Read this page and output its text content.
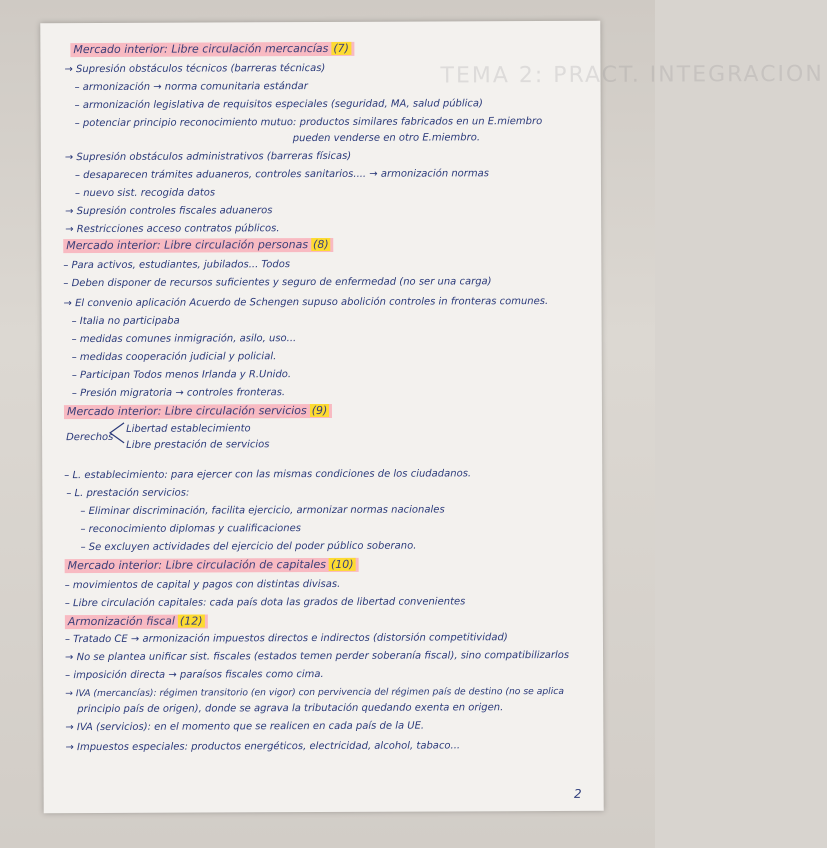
TEMA 2: PRACT. INTEGRACION
Mercado interior: Libre circulación mercancías (7)
→ Supresión obstáculos técnicos (barreras técnicas)
– armonización → norma comunitaria estándar
– armonización legislativa de requisitos especiales (seguridad, MA, salud pública)
– potenciar principio reconocimiento mutuo: productos similares fabricados en un E.miembro
pueden venderse en otro E.miembro.
→ Supresión obstáculos administrativos (barreras físicas)
– desaparecen trámites aduaneros, controles sanitarios.... → armonización normas
– nuevo sist. recogida datos
→ Supresión controles fiscales aduaneros
→ Restricciones acceso contratos públicos.
Mercado interior: Libre circulación personas (8)
– Para activos, estudiantes, jubilados... Todos
– Deben disponer de recursos suficientes y seguro de enfermedad (no ser una carga)
→ El convenio aplicación Acuerdo de Schengen supuso abolición controles in fronteras comunes.
– Italia no participaba
– medidas comunes inmigración, asilo, uso...
– medidas cooperación judicial y policial.
– Participan Todos menos Irlanda y R.Unido.
– Presión migratoria → controles fronteras.
Mercado interior: Libre circulación servicios (9)
Libertad establecimiento
Derechos
Libre prestación de servicios
– L. establecimiento: para ejercer con las mismas condiciones de los ciudadanos.
– L. prestación servicios:
– Eliminar discriminación, facilita ejercicio, armonizar normas nacionales
– reconocimiento diplomas y cualificaciones
– Se excluyen actividades del ejercicio del poder público soberano.
Mercado interior: Libre circulación de capitales (10)
– movimientos de capital y pagos con distintas divisas.
– Libre circulación capitales: cada país dota las grados de libertad convenientes
Armonización fiscal (12)
– Tratado CE → armonización impuestos directos e indirectos (distorsión competitividad)
→ No se plantea unificar sist. fiscales (estados temen perder soberanía fiscal), sino compatibilizarlos
– imposición directa → paraísos fiscales como cima.
→ IVA (mercancías): régimen transitorio (en vigor) con pervivencia del régimen país de destino (no se aplica
principio país de origen), donde se agrava la tributación quedando exenta en origen.
→ IVA (servicios): en el momento que se realicen en cada país de la UE.
→ Impuestos especiales: productos energéticos, electricidad, alcohol, tabaco...
2
